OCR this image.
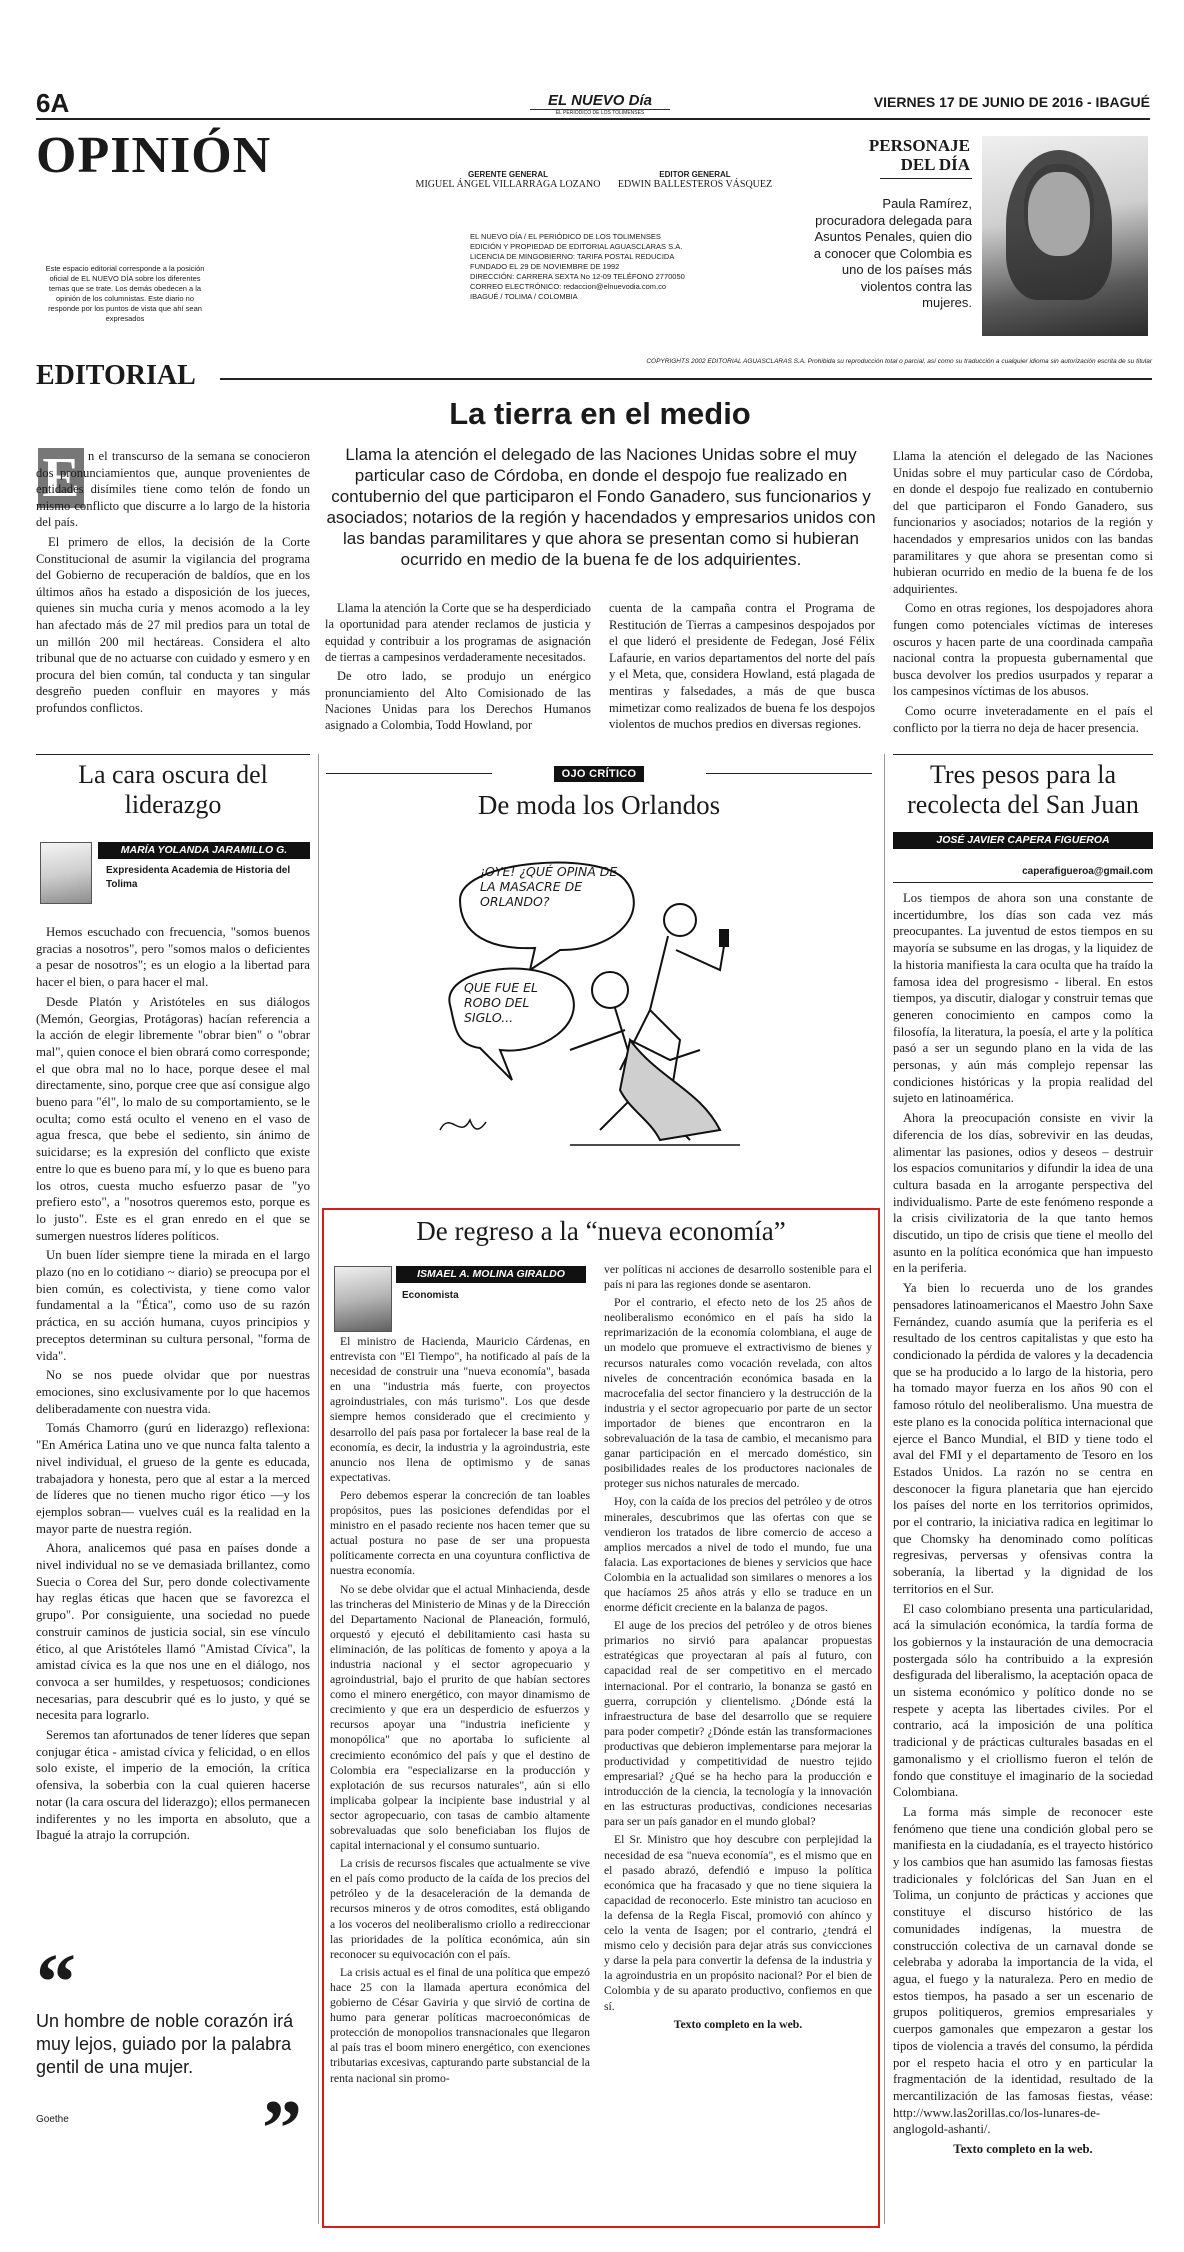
6A	EL NUEVO Día
EL PERIÓDICO DE LOS TOLIMENSES
VIERNES 17 DE JUNIO DE 2016 - IBAGUÉ
OPINIÓN	GERENTE GENERAL
MIGUEL ÁNGEL VILLARRAGA LOZANO
EDITOR GENERAL
EDWIN BALLESTEROS VÁSQUEZ
EL NUEVO DÍA / EL PERIÓDICO DE LOS TOLIMENSES
EDICIÓN Y PROPIEDAD DE EDITORIAL AGUASCLARAS S.A.
LICENCIA DE MINGOBIERNO: TARIFA POSTAL REDUCIDA
FUNDADO EL 29 DE NOVIEMBRE DE 1992
DIRECCIÓN: CARRERA SEXTA No 12-09 TELÉFONO 2770050
CORREO ELECTRÓNICO: redaccion@elnuevodia.com.co
IBAGUÉ / TOLIMA / COLOMBIA
Este espacio editorial corresponde a la posición oficial de EL NUEVO DÍA sobre los diferentes temas que se trate. Los demás obedecen a la opinión de los columnistas. Este diario no responde por los puntos de vista que ahí sean expresados
PERSONAJE
DEL DÍA
Paula Ramírez, procuradora delegada para Asuntos Penales, quien dio a conocer que Colombia es uno de los países más violentos contra las mujeres.
COPYRIGHTS 2002 EDITORIAL AGUASCLARAS S.A. Prohibida su reproducción total o parcial, así como su traducción a cualquier idioma sin autorización escrita de su titular
EDITORIAL
La tierra en el medio
Llama la atención el delegado de las Naciones Unidas sobre el muy particular caso de Córdoba, en donde el despojo fue realizado en contubernio del que participaron el Fondo Ganadero, sus funcionarios y asociados; notarios de la región y hacendados y empresarios unidos con las bandas paramilitares y que ahora se presentan como si hubieran ocurrido en medio de la buena fe de los adquirientes.
E n el transcurso de la semana se conocieron dos pronunciamientos que, aunque provenientes de entidades disímiles tiene como telón de fondo un mismo conflicto que discurre a lo largo de la historia del país.

El primero de ellos, la decisión de la Corte Constitucional de asumir la vigilancia del programa del Gobierno de recuperación de baldíos, que en los últimos años ha estado a disposición de los jueces, quienes sin mucha curia y menos acomodo a la ley han afectado más de 27 mil predios para un total de un millón 200 mil hectáreas. Considera el alto tribunal que de no actuarse con cuidado y esmero y en procura del bien común, tal conducta y tan singular desgreño pueden confluir en mayores y más profundos conflictos.

Llama la atención la Corte que se ha desperdiciado la oportunidad para atender reclamos de justicia y equidad y contribuir a los programas de asignación de tierras a campesinos verdaderamente necesitados.

De otro lado, se produjo un enérgico pronunciamiento del Alto Comisionado de las Naciones Unidas para los Derechos Humanos asignado a Colombia, Todd Howland, por

cuenta de la campaña contra el Programa de Restitución de Tierras a campesinos despojados por el que lideró el presidente de Fedegan, José Félix Lafaurie, en varios departamentos del norte del país y el Meta, que, considera Howland, está plagada de mentiras y falsedades, a más de que busca mimetizar como realizados de buena fe los despojos violentos de muchos predios en diversas regiones.

Llama la atención el delegado de las Naciones Unidas sobre el muy particular caso de Córdoba, en donde el despojo fue realizado en contubernio del que participaron el Fondo Ganadero, sus funcionarios y asociados; notarios de la región y hacendados y empresarios unidos con las bandas paramilitares y que ahora se presentan como si hubieran ocurrido en medio de la buena fe de los adquirientes.

Como en otras regiones, los despojadores ahora fungen como potenciales víctimas de intereses oscuros y hacen parte de una coordinada campaña nacional contra la propuesta gubernamental que busca devolver los predios usurpados y reparar a los campesinos víctimas de los abusos.

Como ocurre inveteradamente en el país el conflicto por la tierra no deja de hacer presencia.

La cara oscura del liderazgo
MARÍA YOLANDA JARAMILLO G.
Expresidenta Academia de Historia del Tolima

Hemos escuchado con frecuencia, "somos buenos gracias a nosotros", pero "somos malos o deficientes a pesar de nosotros"; es un elogio a la libertad para hacer el bien, o para hacer el mal.

Desde Platón y Aristóteles en sus diálogos (Memón, Georgias, Protágoras) hacían referencia a la acción de elegir libremente "obrar bien" o "obrar mal", quien conoce el bien obrará como corresponde; el que obra mal no lo hace, porque desee el mal directamente, sino, porque cree que así consigue algo bueno para "él", lo malo de su comportamiento, se le oculta; como está oculto el veneno en el vaso de agua fresca, que bebe el sediento, sin ánimo de suicidarse; es la expresión del conflicto que existe entre lo que es bueno para mí, y lo que es bueno para los otros, cuesta mucho esfuerzo pasar de "yo prefiero esto", a "nosotros queremos esto, porque es lo justo". Este es el gran enredo en el que se sumergen nuestros líderes políticos.

Un buen líder siempre tiene la mirada en el largo plazo (no en lo cotidiano ~ diario) se preocupa por el bien común, es colectivista, y tiene como valor fundamental a la "Ética", como uso de su razón práctica, en su acción humana, cuyos principios y preceptos determinan su cultura personal, "forma de vida".

No se nos puede olvidar que por nuestras emociones, sino exclusivamente por lo que hacemos deliberadamente con nuestra vida.

Tomás Chamorro (gurú en liderazgo) reflexiona: "En América Latina uno ve que nunca falta talento a nivel individual, el grueso de la gente es educada, trabajadora y honesta, pero que al estar a la merced de líderes que no tienen mucho rigor ético —y los ejemplos sobran— vuelves cuál es la realidad en la mayor parte de nuestra región.

Ahora, analicemos qué pasa en países donde a nivel individual no se ve demasiada brillantez, como Suecia o Corea del Sur, pero donde colectivamente hay reglas éticas que hacen que se favorezca el grupo". Por consiguiente, una sociedad no puede construir caminos de justicia social, sin ese vínculo ético, al que Aristóteles llamó "Amistad Cívica", la amistad cívica es la que nos une en el diálogo, nos convoca a ser humildes, y respetuosos; condiciones necesarias, para descubrir qué es lo justo, y qué se necesita para lograrlo.

Seremos tan afortunados de tener líderes que sepan conjugar ética - amistad cívica y felicidad, o en ellos solo existe, el imperio de la emoción, la crítica ofensiva, la soberbia con la cual quieren hacerse notar (la cara oscura del liderazgo); ellos permanecen indiferentes y no les importa en absoluto, que a Ibagué la atrajo la corrupción.

“
Un hombre de noble corazón irá muy lejos, guiado por la palabra gentil de una mujer.
Goethe ”
OJO CRÍTICO
De moda los Orlandos
¡OYE! ¿QUÉ OPINA DE LA MASACRE DE ORLANDO?
QUE FUE EL ROBO DEL SIGLO...
De regreso a la “nueva economía”
ISMAEL A. MOLINA GIRALDO
Economista

El ministro de Hacienda, Mauricio Cárdenas, en entrevista con "El Tiempo", ha notificado al país de la necesidad de construir una "nueva economía", basada en una "industria más fuerte, con proyectos agroindustriales, con más turismo". Los que desde siempre hemos considerado que el crecimiento y desarrollo del país pasa por fortalecer la base real de la economía, es decir, la industria y la agroindustria, este anuncio nos llena de optimismo y de sanas expectativas.

Pero debemos esperar la concreción de tan loables propósitos, pues las posiciones defendidas por el ministro en el pasado reciente nos hacen temer que su actual postura no pase de ser una propuesta políticamente correcta en una coyuntura conflictiva de nuestra economía.

No se debe olvidar que el actual Minhacienda, desde las trincheras del Ministerio de Minas y de la Dirección del Departamento Nacional de Planeación, formuló, orquestó y ejecutó el debilitamiento casi hasta su eliminación, de las políticas de fomento y apoya a la industria nacional y el sector agropecuario y agroindustrial, bajo el prurito de que habían sectores como el minero energético, con mayor dinamismo de crecimiento y que era un desperdicio de esfuerzos y recursos apoyar una "industria ineficiente y monopólica" que no aportaba lo suficiente al crecimiento económico del país y que el destino de Colombia era "especializarse en la producción y explotación de sus recursos naturales", aún si ello implicaba golpear la incipiente base industrial y al sector agropecuario, con tasas de cambio altamente sobrevaluadas que solo beneficiaban los flujos de capital internacional y el consumo suntuario.

La crisis de recursos fiscales que actualmente se vive en el país como producto de la caída de los precios del petróleo y de la desaceleración de la demanda de recursos mineros y de otros comodites, está obligando a los voceros del neoliberalismo criollo a redireccionar las prioridades de la política económica, aún sin reconocer su equivocación con el país.

La crisis actual es el final de una política que empezó hace 25 con la llamada apertura económica del gobierno de César Gaviria y que sirvió de cortina de humo para generar políticas macroeconómicas de protección de monopolios transnacionales que llegaron al país tras el boom minero energético, con exenciones tributarias excesivas, capturando parte substancial de la renta nacional sin promo-

ver políticas ni acciones de desarrollo sostenible para el país ni para las regiones donde se asentaron.

Por el contrario, el efecto neto de los 25 años de neoliberalismo económico en el país ha sido la reprimarización de la economía colombiana, el auge de un modelo que promueve el extractivismo de bienes y recursos naturales como vocación revelada, con altos niveles de concentración económica basada en la macrocefalia del sector financiero y la destrucción de la industria y el sector agropecuario por parte de un sector importador de bienes que encontraron en la sobrevaluación de la tasa de cambio, el mecanismo para ganar participación en el mercado doméstico, sin posibilidades reales de los productores nacionales de proteger sus nichos naturales de mercado.

Hoy, con la caída de los precios del petróleo y de otros minerales, descubrimos que las ofertas con que se vendieron los tratados de libre comercio de acceso a amplios mercados a nivel de todo el mundo, fue una falacia. Las exportaciones de bienes y servicios que hace Colombia en la actualidad son similares o menores a los que hacíamos 25 años atrás y ello se traduce en un enorme déficit creciente en la balanza de pagos.

El auge de los precios del petróleo y de otros bienes primarios no sirvió para apalancar propuestas estratégicas que proyectaran al país al futuro, con capacidad real de ser competitivo en el mercado internacional. Por el contrario, la bonanza se gastó en guerra, corrupción y clientelismo. ¿Dónde está la infraestructura de base del desarrollo que se requiere para poder competir? ¿Dónde están las transformaciones productivas que debieron implementarse para mejorar la productividad y competitividad de nuestro tejido empresarial? ¿Qué se ha hecho para la producción e introducción de la ciencia, la tecnología y la innovación en las estructuras productivas, condiciones necesarias para ser un país ganador en el mundo global?

El Sr. Ministro que hoy descubre con perplejidad la necesidad de esa "nueva economía", es el mismo que en el pasado abrazó, defendió e impuso la política económica que ha fracasado y que no tiene siquiera la capacidad de reconocerlo. Este ministro tan acucioso en la defensa de la Regla Fiscal, promovió con ahínco y celo la venta de Isagen; por el contrario, ¿tendrá el mismo celo y decisión para dejar atrás sus convicciones y darse la pela para convertir la defensa de la industria y la agroindustria en un propósito nacional? Por el bien de Colombia y de su aparato productivo, confiemos en que sí.

Texto completo en la web.
Tres pesos para la recolecta del San Juan
JOSÉ JAVIER CAPERA FIGUEROA
caperafigueroa@gmail.com

Los tiempos de ahora son una constante de incertidumbre, los días son cada vez más preocupantes. La juventud de estos tiempos en su mayoría se subsume en las drogas, y la liquidez de la historia manifiesta la cara oculta que ha traído la famosa idea del progresismo - liberal. En estos tiempos, ya discutir, dialogar y construir temas que generen conocimiento en campos como la filosofía, la literatura, la poesía, el arte y la política pasó a ser un segundo plano en la vida de las personas, y aún más complejo repensar las condiciones históricas y la propia realidad del sujeto en latinoamérica.

Ahora la preocupación consiste en vivir la diferencia de los días, sobrevivir en las deudas, alimentar las pasiones, odios y deseos – destruir los espacios comunitarios y difundir la idea de una cultura basada en la arrogante perspectiva del individualismo. Parte de este fenómeno responde a la crisis civilizatoria de la que tanto hemos discutido, un tipo de crisis que tiene el meollo del asunto en la política económica que han impuesto en la periferia.

Ya bien lo recuerda uno de los grandes pensadores latinoamericanos el Maestro John Saxe Fernández, cuando asumía que la periferia es el resultado de los centros capitalistas y que esto ha condicionado la pérdida de valores y la decadencia que se ha producido a lo largo de la historia, pero ha tomado mayor fuerza en los años 90 con el famoso rótulo del neoliberalismo. Una muestra de este plano es la conocida política internacional que ejerce el Banco Mundial, el BID y tiene todo el aval del FMI y el departamento de Tesoro en los Estados Unidos. La razón no se centra en desconocer la figura planetaria que han ejercido los países del norte en los territorios oprimidos, por el contrario, la iniciativa radica en legitimar lo que Chomsky ha denominado como políticas regresivas, perversas y ofensivas contra la soberanía, la libertad y la dignidad de los territorios en el Sur.

El caso colombiano presenta una particularidad, acá la simulación económica, la tardía forma de los gobiernos y la instauración de una democracia postergada sólo ha contribuido a la expresión desfigurada del liberalismo, la aceptación opaca de un sistema económico y político donde no se respete y acepta las libertades civiles. Por el contrario, acá la imposición de una política tradicional y de prácticas culturales basadas en el gamonalismo y el criollismo fueron el telón de fondo que constituye el imaginario de la sociedad Colombiana.

La forma más simple de reconocer este fenómeno que tiene una condición global pero se manifiesta en la ciudadanía, es el trayecto histórico y los cambios que han asumido las famosas fiestas tradicionales y folclóricas del San Juan en el Tolima, un conjunto de prácticas y acciones que constituye el discurso histórico de las comunidades indígenas, la muestra de construcción colectiva de un carnaval donde se celebraba y adoraba la importancia de la vida, el agua, el fuego y la naturaleza. Pero en medio de estos tiempos, ha pasado a ser un escenario de grupos politiqueros, gremios empresariales y cuerpos gamonales que empezaron a gestar los tipos de violencia a través del consumo, la pérdida por el respeto hacia el otro y en particular la fragmentación de la identidad, resultado de la mercantilización de las famosas fiestas, véase: http://www.las2orillas.co/los-lunares-de-anglogold-ashanti/.

Texto completo en la web.
